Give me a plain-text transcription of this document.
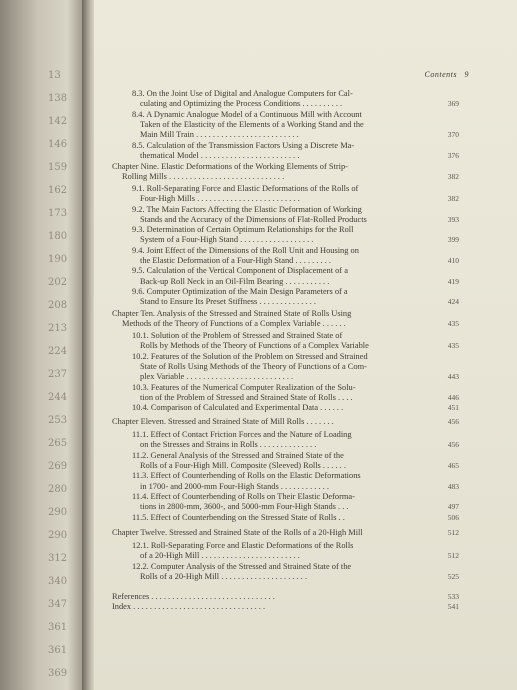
13
138
142
146
159
162
173
180
190
202
208
213
224
237
244
253
265
269
280
290
290
312
340
347
361
361
369
Contents 9
8.3. On the Joint Use of Digital and Analogue Computers for Cal-
culating and Optimizing the Process Conditions . . . . . . . . . .	369
8.4. A Dynamic Analogue Model of a Continuous Mill with Account
Taken of the Elasticity of the Elements of a Working Stand and the
Main Mill Train . . . . . . . . . . . . . . . . . . . . . . . . .	370
8.5. Calculation of the Transmission Factors Using a Discrete Ma-
thematical Model . . . . . . . . . . . . . . . . . . . . . . . .	376
Chapter Nine. Elastic Deformations of the Working Elements of Strip-
Rolling Mills . . . . . . . . . . . . . . . . . . . . . . . . . . . .	382
9.1. Roll-Separating Force and Elastic Deformations of the Rolls of
Four-High Mills . . . . . . . . . . . . . . . . . . . . . . . . .	382
9.2. The Main Factors Affecting the Elastic Deformation of Working
Stands and the Accuracy of the Dimensions of Flat-Rolled Products	393
9.3. Determination of Certain Optimum Relationships for the Roll
System of a Four-High Stand . . . . . . . . . . . . . . . . . .	399
9.4. Joint Effect of the Dimensions of the Roll Unit and Housing on
the Elastic Deformation of a Four-High Stand . . . . . . . . .	410
9.5. Calculation of the Vertical Component of Displacement of a
Back-up Roll Neck in an Oil-Film Bearing . . . . . . . . . . .	419
9.6. Computer Optimization of the Main Design Parameters of a
Stand to Ensure Its Preset Stiffness . . . . . . . . . . . . . .	424
Chapter Ten. Analysis of the Stressed and Strained State of Rolls Using
Methods of the Theory of Functions of a Complex Variable . . . . . .	435
10.1. Solution of the Problem of Stressed and Strained State of
Rolls by Methods of the Theory of Functions of a Complex Variable	435
10.2. Features of the Solution of the Problem on Stressed and Strained
State of Rolls Using Methods of the Theory of Functions of a Com-
plex Variable . . . . . . . . . . . . . . . . . . . . . . . . . .	443
10.3. Features of the Numerical Computer Realization of the Solu-
tion of the Problem of Stressed and Strained State of Rolls . . . .	446
10.4. Comparison of Calculated and Experimental Data . . . . . .	451
Chapter Eleven. Stressed and Strained State of Mill Rolls . . . . . . .	456
11.1. Effect of Contact Friction Forces and the Nature of Loading
on the Stresses and Strains in Rolls . . . . . . . . . . . . . .	456
11.2. General Analysis of the Stressed and Strained State of the
Rolls of a Four-High Mill. Composite (Sleeved) Rolls . . . . . .	465
11.3. Effect of Counterbending of Rolls on the Elastic Deformations
in 1700- and 2000-mm Four-High Stands . . . . . . . . . . . .	483
11.4. Effect of Counterbending of Rolls on Their Elastic Deforma-
tions in 2800-mm, 3600-, and 5000-mm Four-High Stands . . .	497
11.5. Effect of Counterbending on the Stressed State of Rolls . .	506
Chapter Twelve. Stressed and Strained State of the Rolls of a 20-High Mill	512
12.1. Roll-Separating Force and Elastic Deformations of the Rolls
of a 20-High Mill . . . . . . . . . . . . . . . . . . . . . . . .	512
12.2. Computer Analysis of the Stressed and Strained State of the
Rolls of a 20-High Mill . . . . . . . . . . . . . . . . . . . . .	525
References . . . . . . . . . . . . . . . . . . . . . . . . . . . . . .	533
Index . . . . . . . . . . . . . . . . . . . . . . . . . . . . . . . .	541
